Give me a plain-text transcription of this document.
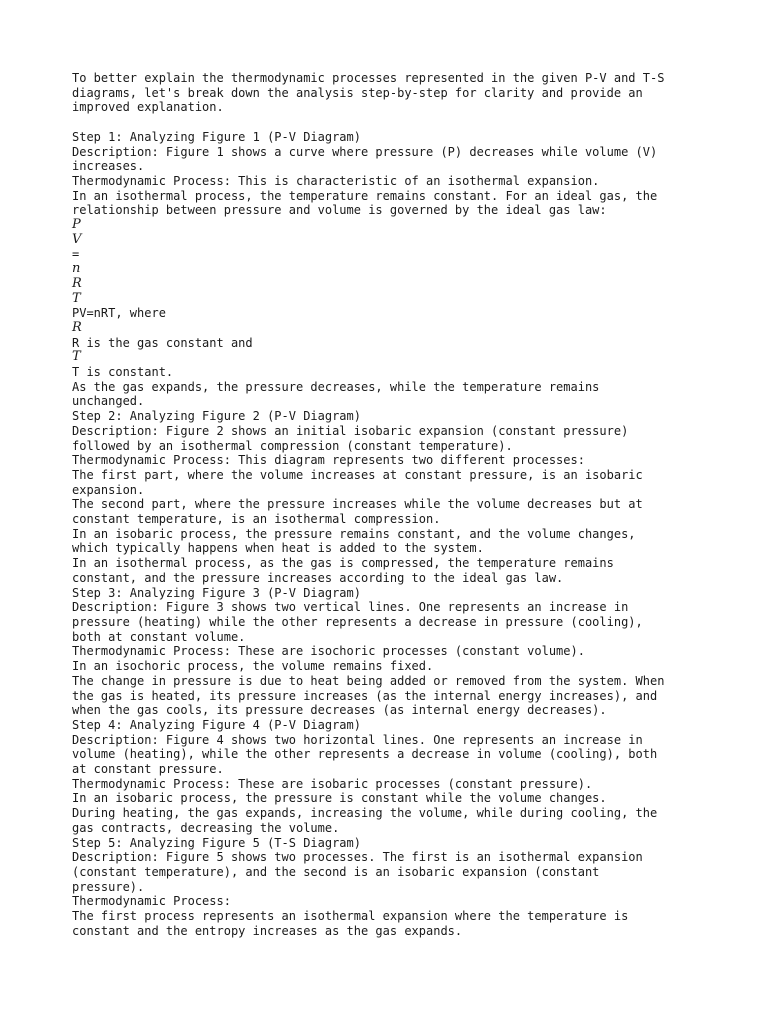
To better explain the thermodynamic processes represented in the given P-V and T-S
diagrams, let's break down the analysis step-by-step for clarity and provide an
improved explanation.
Step 1: Analyzing Figure 1 (P-V Diagram)
Description: Figure 1 shows a curve where pressure (P) decreases while volume (V)
increases.
Thermodynamic Process: This is characteristic of an isothermal expansion.
In an isothermal process, the temperature remains constant. For an ideal gas, the
relationship between pressure and volume is governed by the ideal gas law:
P
V
=
n
R
T
PV=nRT, where
R
R is the gas constant and
T
T is constant.
As the gas expands, the pressure decreases, while the temperature remains
unchanged.
Step 2: Analyzing Figure 2 (P-V Diagram)
Description: Figure 2 shows an initial isobaric expansion (constant pressure)
followed by an isothermal compression (constant temperature).
Thermodynamic Process: This diagram represents two different processes:
The first part, where the volume increases at constant pressure, is an isobaric
expansion.
The second part, where the pressure increases while the volume decreases but at
constant temperature, is an isothermal compression.
In an isobaric process, the pressure remains constant, and the volume changes,
which typically happens when heat is added to the system.
In an isothermal process, as the gas is compressed, the temperature remains
constant, and the pressure increases according to the ideal gas law.
Step 3: Analyzing Figure 3 (P-V Diagram)
Description: Figure 3 shows two vertical lines. One represents an increase in
pressure (heating) while the other represents a decrease in pressure (cooling),
both at constant volume.
Thermodynamic Process: These are isochoric processes (constant volume).
In an isochoric process, the volume remains fixed.
The change in pressure is due to heat being added or removed from the system. When
the gas is heated, its pressure increases (as the internal energy increases), and
when the gas cools, its pressure decreases (as internal energy decreases).
Step 4: Analyzing Figure 4 (P-V Diagram)
Description: Figure 4 shows two horizontal lines. One represents an increase in
volume (heating), while the other represents a decrease in volume (cooling), both
at constant pressure.
Thermodynamic Process: These are isobaric processes (constant pressure).
In an isobaric process, the pressure is constant while the volume changes.
During heating, the gas expands, increasing the volume, while during cooling, the
gas contracts, decreasing the volume.
Step 5: Analyzing Figure 5 (T-S Diagram)
Description: Figure 5 shows two processes. The first is an isothermal expansion
(constant temperature), and the second is an isobaric expansion (constant
pressure).
Thermodynamic Process:
The first process represents an isothermal expansion where the temperature is
constant and the entropy increases as the gas expands.
